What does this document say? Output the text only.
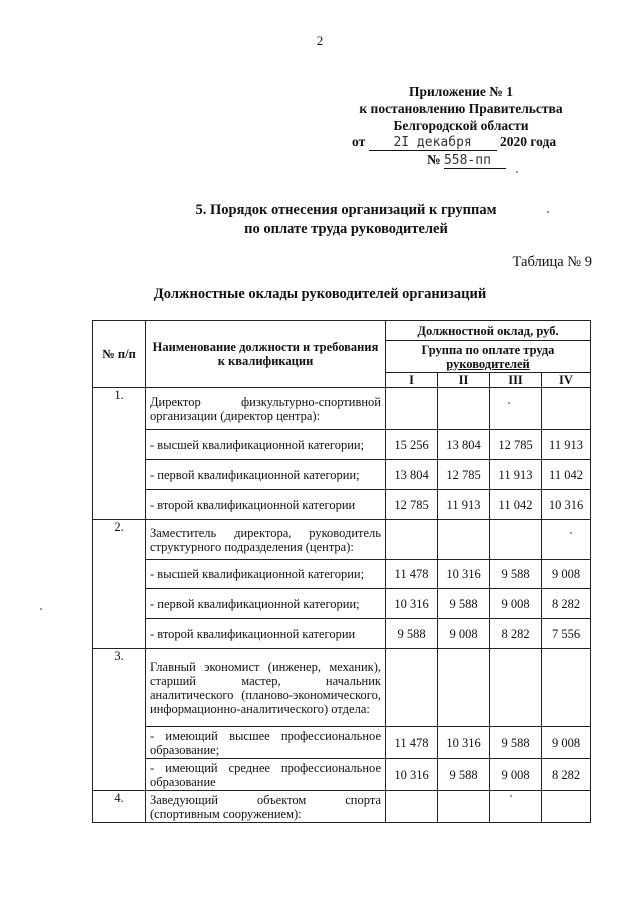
2
Приложение № 1
к постановлению Правительства
Белгородской области
от 2I декабря 2020 года
№ 558-пп
5. Порядок отнесения организаций к группам
по оплате труда руководителей
Таблица № 9
Должностные оклады руководителей организаций
№ п/п	Наименование должности и требования к квалификации	Должностной оклад, руб.			

		Группа по оплате труда
руководителей			

		I	II	III	IV
1.	Директор физкультурно-спортивной организации (директор центра):				
	- высшей квалификационной категории;	15 256	13 804	12 785	11 913
	- первой квалификационной категории;	13 804	12 785	11 913	11 042
	- второй квалификационной категории	12 785	11 913	11 042	10 316
2.	Заместитель директора, руководитель структурного подразделения (центра):				
	- высшей квалификационной категории;	11 478	10 316	9 588	9 008
	- первой квалификационной категории;	10 316	9 588	9 008	8 282
	- второй квалификационной категории	9 588	9 008	8 282	7 556
3.	Главный экономист (инженер, механик), старший мастер, начальник аналитического (планово-экономического, информационно-аналитического) отдела:				
	- имеющий высшее профессиональное образование;	11 478	10 316	9 588	9 008
	- имеющий среднее профессиональное образование	10 316	9 588	9 008	8 282
4.	Заведующий объектом спорта (спортивным сооружением):				
